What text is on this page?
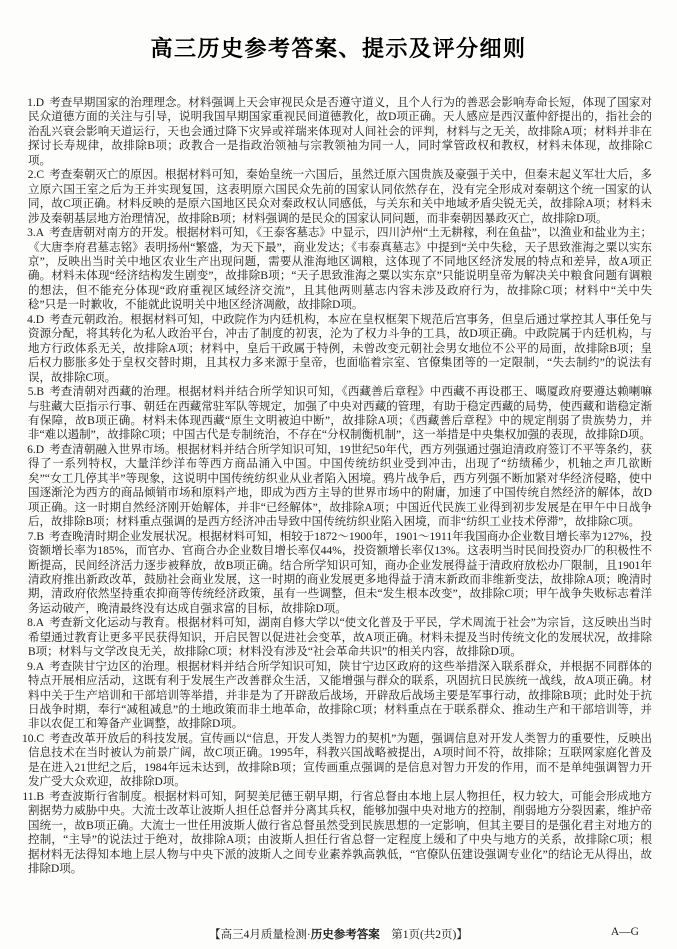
高三历史参考答案、提示及评分细则

1.D 考查早期国家的治理理念。材料强调上天会审视民众是否遵守道义，且个人行为的善恶会影响寿命长短，体现了国家对民众道德方面的关注与引导，说明我国早期国家重视民间道德教化，故D项正确。天人感应是西汉董仲舒提出的，指社会的治乱兴衰会影响天道运行，天也会通过降下灾异或祥瑞来体现对人间社会的评判，材料与之无关，故排除A项；材料并非在探讨长寿规律，故排除B项；政教合一是指政治领袖与宗教领袖为同一人，同时掌管政权和教权，材料未体现，故排除C项。

2.C 考查秦朝灭亡的原因。根据材料可知，秦始皇统一六国后，虽然迁原六国贵族及豪强于关中，但秦末起义军壮大后，多立原六国王室之后为王并实现复国，这表明原六国民众先前的国家认同依然存在，没有完全形成对秦朝这个统一国家的认同，故C项正确。材料反映的是原六国地区民众对秦政权认同感低，与关东和关中地域矛盾尖锐无关，故排除A项；材料未涉及秦朝基层地方治理情况，故排除B项；材料强调的是民众的国家认同问题，而非秦朝因暴政灭亡，故排除D项。

3.A 考查唐朝对南方的开发。根据材料可知，《王泰客墓志》中显示，四川泸州“土无耕稼，利在鱼盐”，以渔业和盐业为主；《大唐李府君墓志铭》表明扬州“繁盛，为天下最”，商业发达；《韦泰真墓志》中提到“关中失稔，天子思致淮海之粟以实东京”，反映出当时关中地区农业生产出现问题，需要从淮海地区调粮，这体现了不同地区经济发展的特点和差异，故A项正确。材料未体现“经济结构发生剧变”，故排除B项；“天子思致淮海之粟以实东京”只能说明皇帝为解决关中粮食问题有调粮的想法，但不能充分体现“政府重视区域经济交流”，且其他两则墓志内容未涉及政府行为，故排除C项；材料中“关中失稔”只是一时歉收，不能就此说明关中地区经济凋敝，故排除D项。

4.D 考查元朝政治。根据材料可知，中政院作为内廷机构，本应在皇权框架下规范后宫事务，但皇后通过掌控其人事任免与资源分配，将其转化为私人政治平台，冲击了制度的初衷，沦为了权力斗争的工具，故D项正确。中政院属于内廷机构，与地方行政体系无关，故排除A项；材料中，皇后干政属于特例，未曾改变元朝社会男女地位不公平的局面，故排除B项；皇后权力膨胀多处于皇权交替时期，且其权力多来源于皇帝，也面临着宗室、官僚集团等的一定限制，“失去制约”的说法有误，故排除C项。

5.B 考查清朝对西藏的治理。根据材料并结合所学知识可知，《西藏善后章程》中西藏不再设郡王、噶厦政府要遵达赖喇嘛与驻藏大臣指示行事、朝廷在西藏常驻军队等规定，加强了中央对西藏的管理，有助于稳定西藏的局势，使西藏和谐稳定渐有保障，故B项正确。材料未体现西藏“原生文明被迫中断”，故排除A项；《西藏善后章程》中的规定削弱了贵族势力，并非“难以遏制”，故排除C项；中国古代是专制统治，不存在“分权制衡机制”，这一举措是中央集权加强的表现，故排除D项。

6.D 考查清朝融入世界市场。根据材料并结合所学知识可知，19世纪50年代，西方列强通过强迫清政府签订不平等条约，获得了一系列特权，大量洋纱洋布等西方商品涌入中国。中国传统纺织业受到冲击，出现了“纺绩稀少，机轴之声几欲断矣”“女工几停其半”等现象，这说明中国传统纺织业从业者陷入困境。鸦片战争后，西方列强不断加紧对华经济侵略，使中国逐渐沦为西方的商品倾销市场和原料产地，即成为西方主导的世界市场中的附庸，加速了中国传统自然经济的解体，故D项正确。这一时期自然经济刚开始解体，并非“已经解体”，故排除A项；中国近代民族工业得到初步发展是在甲午中日战争后，故排除B项；材料重点强调的是西方经济冲击导致中国传统纺织业陷入困境，而非“纺织工业技术停滞”，故排除C项。

7.B 考查晚清时期企业发展状况。根据材料可知，相较于1872～1900年，1901～1911年我国商办企业数目增长率为127%，投资额增长率为185%，而官办、官商合办企业数目增长率仅44%，投资额增长率仅13%。这表明当时民间投资办厂的积极性不断提高，民间经济活力逐步被释放，故B项正确。结合所学知识可知，商办企业发展得益于清政府放松办厂限制，且1901年清政府推出新政改革，鼓励社会商业发展，这一时期的商业发展更多地得益于清末新政而非维新变法，故排除A项；晚清时期，清政府依然坚持重农抑商等传统经济政策，虽有一些调整，但未“发生根本改变”，故排除C项；甲午战争失败标志着洋务运动破产，晚清最终没有达成自强求富的目标，故排除D项。

8.A 考查新文化运动与教育。根据材料可知，湖南自修大学以“使文化普及于平民，学术周流于社会”为宗旨，这反映出当时希望通过教育让更多平民获得知识，开启民智以促进社会变革，故A项正确。材料未提及当时传统文化的发展状况，故排除B项；材料与文学改良无关，故排除C项；材料没有涉及“社会革命共识”的相关内容，故排除D项。

9.A 考查陕甘宁边区的治理。根据材料并结合所学知识可知，陕甘宁边区政府的这些举措深入联系群众，并根据不同群体的特点开展相应活动，这既有利于发展生产改善群众生活，又能增强与群众的联系，巩固抗日民族统一战线，故A项正确。材料中关于生产培训和干部培训等举措，并非是为了开辟敌后战场，开辟敌后战场主要是军事行动，故排除B项；此时处于抗日战争时期，奉行“减租减息”的土地政策而非土地革命，故排除C项；材料重点在于联系群众、推动生产和干部培训等，并非以农促工和筹备产业调整，故排除D项。

10.C 考查改革开放后的科技发展。宣传画以“信息，开发人类智力的契机”为题，强调信息对开发人类智力的重要性，反映出信息技术在当时被认为前景广阔，故C项正确。1995年，科教兴国战略被提出，A项时间不符，故排除；互联网家庭化普及是在进入21世纪之后，1984年远未达到，故排除B项；宣传画重点强调的是信息对智力开发的作用，而不是单纯强调智力开发广受大众欢迎，故排除D项。

11.B 考查波斯行省制度。根据材料可知，阿契美尼德王朝早期，行省总督由本地上层人物担任，权力较大，可能会形成地方割据势力威胁中央。大流士改革让波斯人担任总督并分离其兵权，能够加强中央对地方的控制，削弱地方分裂因素，维护帝国统一，故B项正确。大流士一世任用波斯人做行省总督虽然受到民族思想的一定影响，但其主要目的是强化君主对地方的控制，“主导”的说法过于绝对，故排除A项；由波斯人担任行省总督一定程度上缓和了中央与地方的关系，故排除C项；根据材料无法得知本地上层人物与中央下派的波斯人之间专业素养孰高孰低，“官僚队伍建设强调专业化”的结论无从得出，故排除D项。

【高三4月质量检测·历史参考答案　第1页(共2页)】	A—G
